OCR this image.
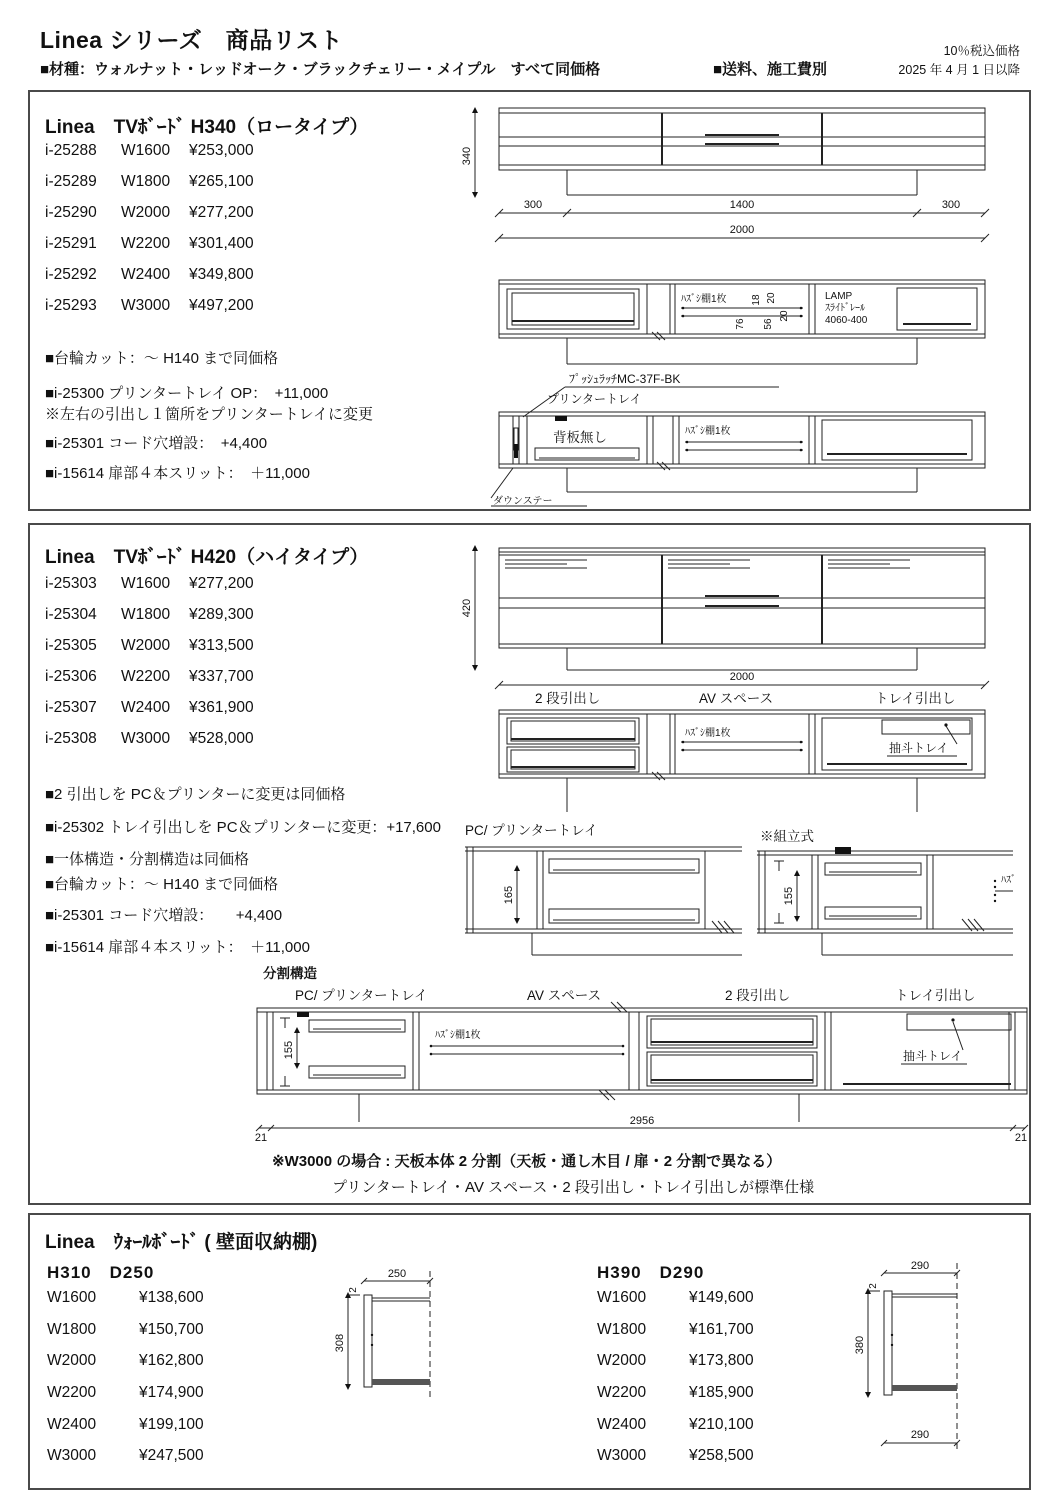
Linea シリーズ　商品リスト
■材種：ウォルナット・レッドオーク・ブラックチェリー・メイプル　すべて同価格	■送料、施工費別
10％税込価格
2025 年 4 月 1 日以降
Linea　TVﾎﾞｰﾄﾞ H340（ロータイプ）
i-25288	W1600	¥253,000
i-25289	W1800	¥265,100
i-25290	W2000	¥277,200
i-25291	W2200	¥301,400
i-25292	W2400	¥349,800
i-25293	W3000	¥497,200
■台輪カット：～ H140 まで同価格
■i-25300 プリンタートレイ OP：　+11,000
※左右の引出し１箇所をプリンタートレイに変更
■i-25301 コード穴増設：　+4,400
■i-15614 扉部４本スリット：　＋11,000
340
300	1400	300
2000
ﾊｽﾞｼ棚1枚 18 20
76 56
20
LAMP
ｽﾗｲﾄﾞﾚｰﾙ
4060-400
ﾌﾟｯｼｭﾗｯﾁMC-37F-BK
プリンタートレイ
背板無し	ﾊｽﾞｼ棚1枚
ダウンステー
Linea　TVﾎﾞｰﾄﾞ H420（ハイタイプ）
i-25303	W1600	¥277,200
i-25304	W1800	¥289,300
i-25305	W2000	¥313,500
i-25306	W2200	¥337,700
i-25307	W2400	¥361,900
i-25308	W3000	¥528,000
■2 引出しを PC＆プリンターに変更は同価格
■i-25302 トレイ引出しを PC＆プリンターに変更：+17,600
■一体構造・分割構造は同価格
■台輪カット：～ H140 まで同価格
■i-25301 コード穴増設：　　+4,400
■i-15614 扉部４本スリット：　＋11,000
420
2000
2 段引出し	AV スペース	トレイ引出し
抽斗トレイ
ﾊｽﾞｼ棚1枚
PC/ プリンタートレイ
165
※組立式
155
ﾊｽﾞ
分割構造
PC/ プリンタートレイ	AV スペース	2 段引出し	トレイ引出し
ﾊｽﾞｼ棚1枚
155	抽斗トレイ
2956
21	21
※W3000 の場合 : 天板本体 2 分割（天板・通し木目 / 扉・2 分割で異なる）
プリンタートレイ・AV スペース・2 段引出し・トレイ引出しが標準仕様
Linea　ｳｫｰﾙﾎﾞｰﾄﾞ ( 壁面収納棚)
H310　D250
W1600	¥138,600
W1800	¥150,700
W2000	¥162,800
W2200	¥174,900
W2400	¥199,100
W3000	¥247,500
250
308
2
H390　D290
W1600	¥149,600
W1800	¥161,700
W2000	¥173,800
W2200	¥185,900
W2400	¥210,100
W3000	¥258,500
290
380
2
290
